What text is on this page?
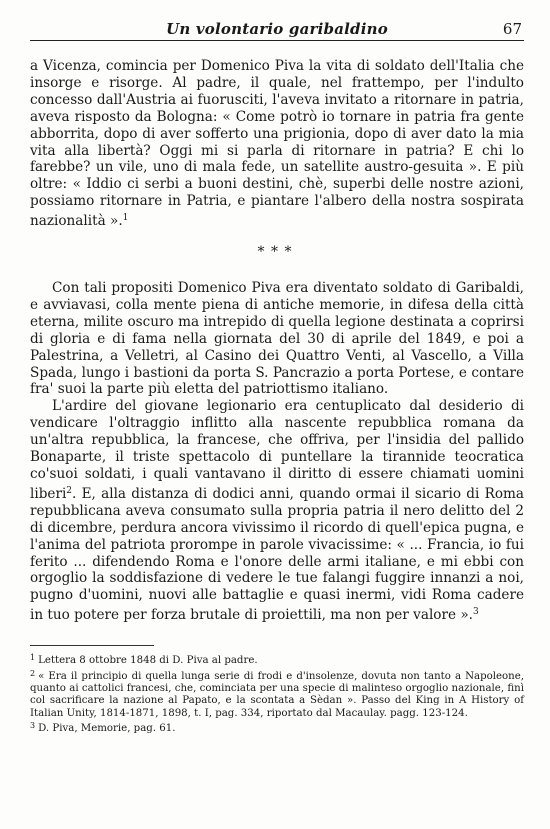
Un volontario garibaldino	67

a Vicenza, comincia per Domenico Piva la vita di soldato dell'Italia che insorge e risorge. Al padre, il quale, nel frattempo, per l'indulto concesso dall'Austria ai fuorusciti, l'aveva invitato a ritornare in patria, aveva risposto da Bologna: « Come potrò io tornare in patria fra gente abborrita, dopo di aver sofferto una prigionia, dopo di aver dato la mia vita alla libertà? Oggi mi si parla di ritornare in patria? E chi lo farebbe? un vile, uno di mala fede, un satellite austro-gesuita ». E più oltre: « Iddio ci serbi a buoni destini, chè, superbi delle nostre azioni, possiamo ritornare in Patria, e piantare l'albero della nostra sospirata nazionalità ».$^1$

* * *

Con tali propositi Domenico Piva era diventato soldato di Garibaldi, e avviavasi, colla mente piena di antiche memorie, in difesa della città eterna, milite oscuro ma intrepido di quella legione destinata a coprirsi di gloria e di fama nella giornata del 30 di aprile del 1849, e poi a Palestrina, a Velletri, al Casino dei Quattro Venti, al Vascello, a Villa Spada, lungo i bastioni da porta S. Pancrazio a porta Portese, e contare fra' suoi la parte più eletta del patriottismo italiano.

L'ardire del giovane legionario era centuplicato dal desiderio di vendicare l'oltraggio inflitto alla nascente repubblica romana da un'altra repubblica, la francese, che offriva, per l'insidia del pallido Bonaparte, il triste spettacolo di puntellare la tirannide teocratica co'suoi soldati, i quali vantavano il diritto di essere chiamati uomini liberi$^2$. E, alla distanza di dodici anni, quando ormai il sicario di Roma repubblicana aveva consumato sulla propria patria il nero delitto del 2 di dicembre, perdura ancora vivissimo il ricordo di quell'epica pugna, e l'anima del patriota prorompe in parole vivacissime: « ... Francia, io fui ferito ... difendendo Roma e l'onore delle armi italiane, e mi ebbi con orgoglio la soddisfazione di vedere le tue falangi fuggire innanzi a noi, pugno d'uomini, nuovi alle battaglie e quasi inermi, vidi Roma cadere in tuo potere per forza brutale di proiettili, ma non per valore ».$^3$

$^1$ Lettera 8 ottobre 1848 di D. Piva al padre.

$^2$ « Era il principio di quella lunga serie di frodi e d'insolenze, dovuta non tanto a Napoleone, quanto ai cattolici francesi, che, cominciata per una specie di malinteso orgoglio nazionale, finì col sacrificare la nazione al Papato, e la scontata a Sèdan ». Passo del King in A History of Italian Unity, 1814-1871, 1898, t. I, pag. 334, riportato dal Macaulay. pagg. 123-124.

$^3$ D. Piva, Memorie, pag. 61.
